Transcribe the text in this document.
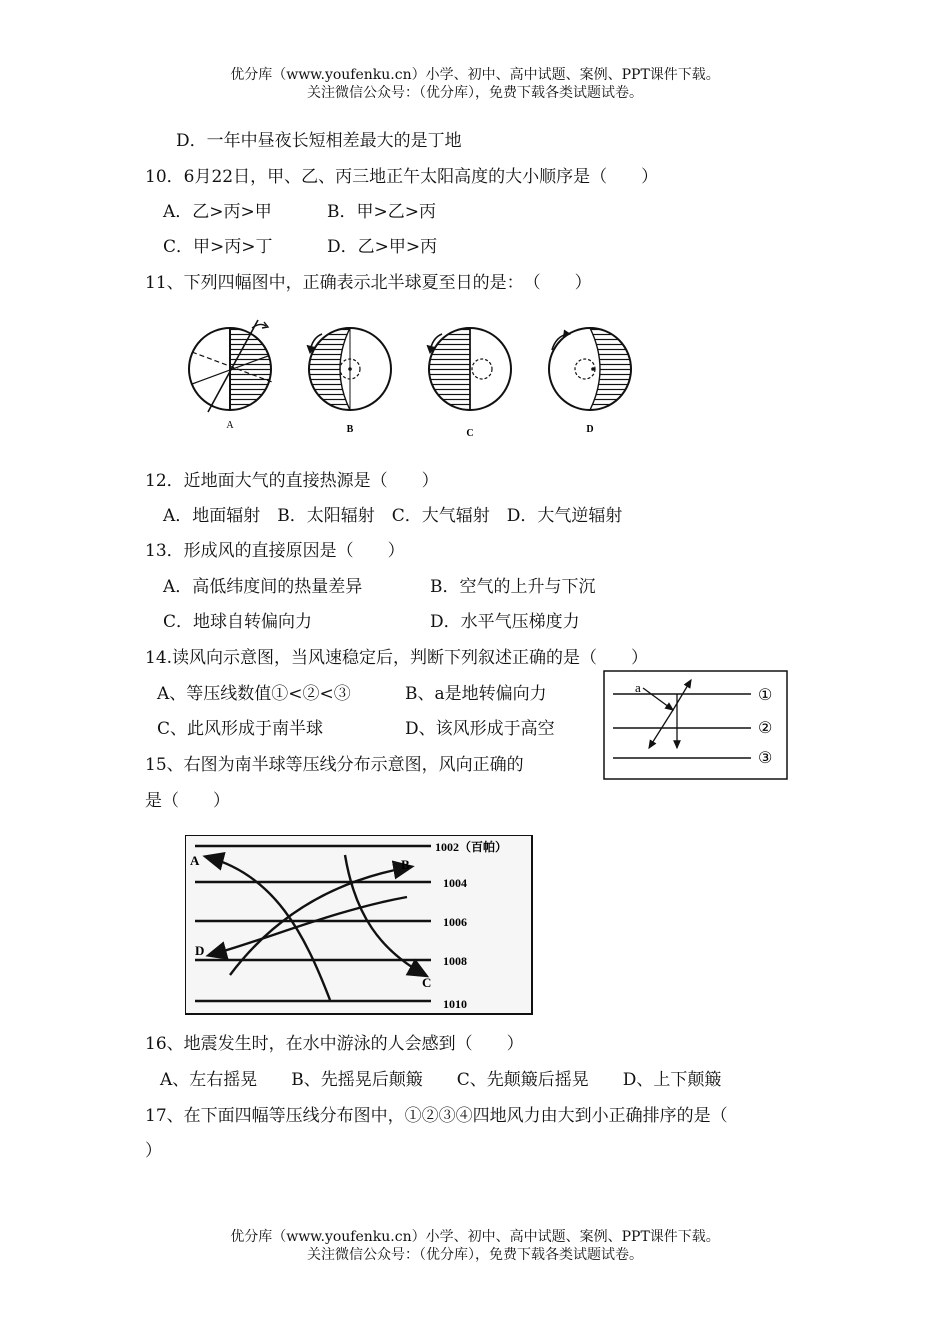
优分库（www.youfenku.cn）小学、初中、高中试题、案例、PPT课件下载。
关注微信公众号：（优分库），免费下载各类试题试卷。
D．一年中昼夜长短相差最大的是丁地
10．6月22日，甲、乙、丙三地正午太阳高度的大小顺序是（　　）
A．乙>丙>甲	B．甲>乙>丙
C．甲>丙>丁	D．乙>甲>丙
11、下列四幅图中，正确表示北半球夏至日的是：　（　　）
A	B	C	D
12．近地面大气的直接热源是（　　）
A．地面辐射　B．太阳辐射　C．大气辐射　D．大气逆辐射
13．形成风的直接原因是（　　）
A．高低纬度间的热量差异	B．空气的上升与下沉
C．地球自转偏向力	D．水平气压梯度力
14.读风向示意图，当风速稳定后，判断下列叙述正确的是（　　）
A、等压线数值①<②<③	B、a是地转偏向力
C、此风形成于南半球	D、该风形成于高空
a	①
②
③
15、右图为南半球等压线分布示意图，风向正确的
是（　　）
1002（百帕）
1004
1006
1008
1010
A	B
C
D
16、地震发生时，在水中游泳的人会感到（　　）
A、左右摇晃　　B、先摇晃后颠簸　　C、先颠簸后摇晃　　D、上下颠簸
17、在下面四幅等压线分布图中，①②③④四地风力由大到小正确排序的是（
）
优分库（www.youfenku.cn）小学、初中、高中试题、案例、PPT课件下载。
关注微信公众号：（优分库），免费下载各类试题试卷。
